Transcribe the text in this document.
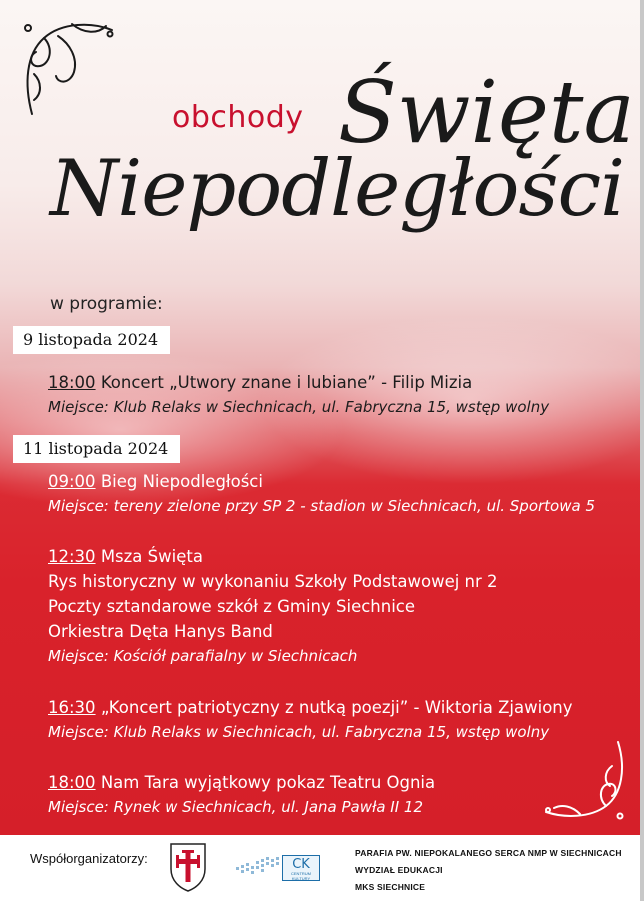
obchody Święta
Niepodległości
w programie:
9 listopada 2024
18:00 Koncert „Utwory znane i lubiane” - Filip Mizia
Miejsce: Klub Relaks w Siechnicach, ul. Fabryczna 15, wstęp wolny
11 listopada 2024
09:00 Bieg Niepodległości
Miejsce: tereny zielone przy SP 2 - stadion w Siechnicach, ul. Sportowa 5
12:30 Msza Święta
Rys historyczny w wykonaniu Szkoły Podstawowej nr 2
Poczty sztandarowe szkół z Gminy Siechnice
Orkiestra Dęta Hanys Band
Miejsce: Kościół parafialny w Siechnicach
16:30 „Koncert patriotyczny z nutką poezji” - Wiktoria Zjawiony
Miejsce: Klub Relaks w Siechnicach, ul. Fabryczna 15, wstęp wolny
18:00 Nam Tara wyjątkowy pokaz Teatru Ognia
Miejsce: Rynek w Siechnicach, ul. Jana Pawła II 12
Współorganizatorzy:	CK
CENTRUM KULTURY
PARAFIA PW. NIEPOKALANEGO SERCA NMP W SIECHNICACH
WYDZIAŁ EDUKACJI
MKS SIECHNICE
